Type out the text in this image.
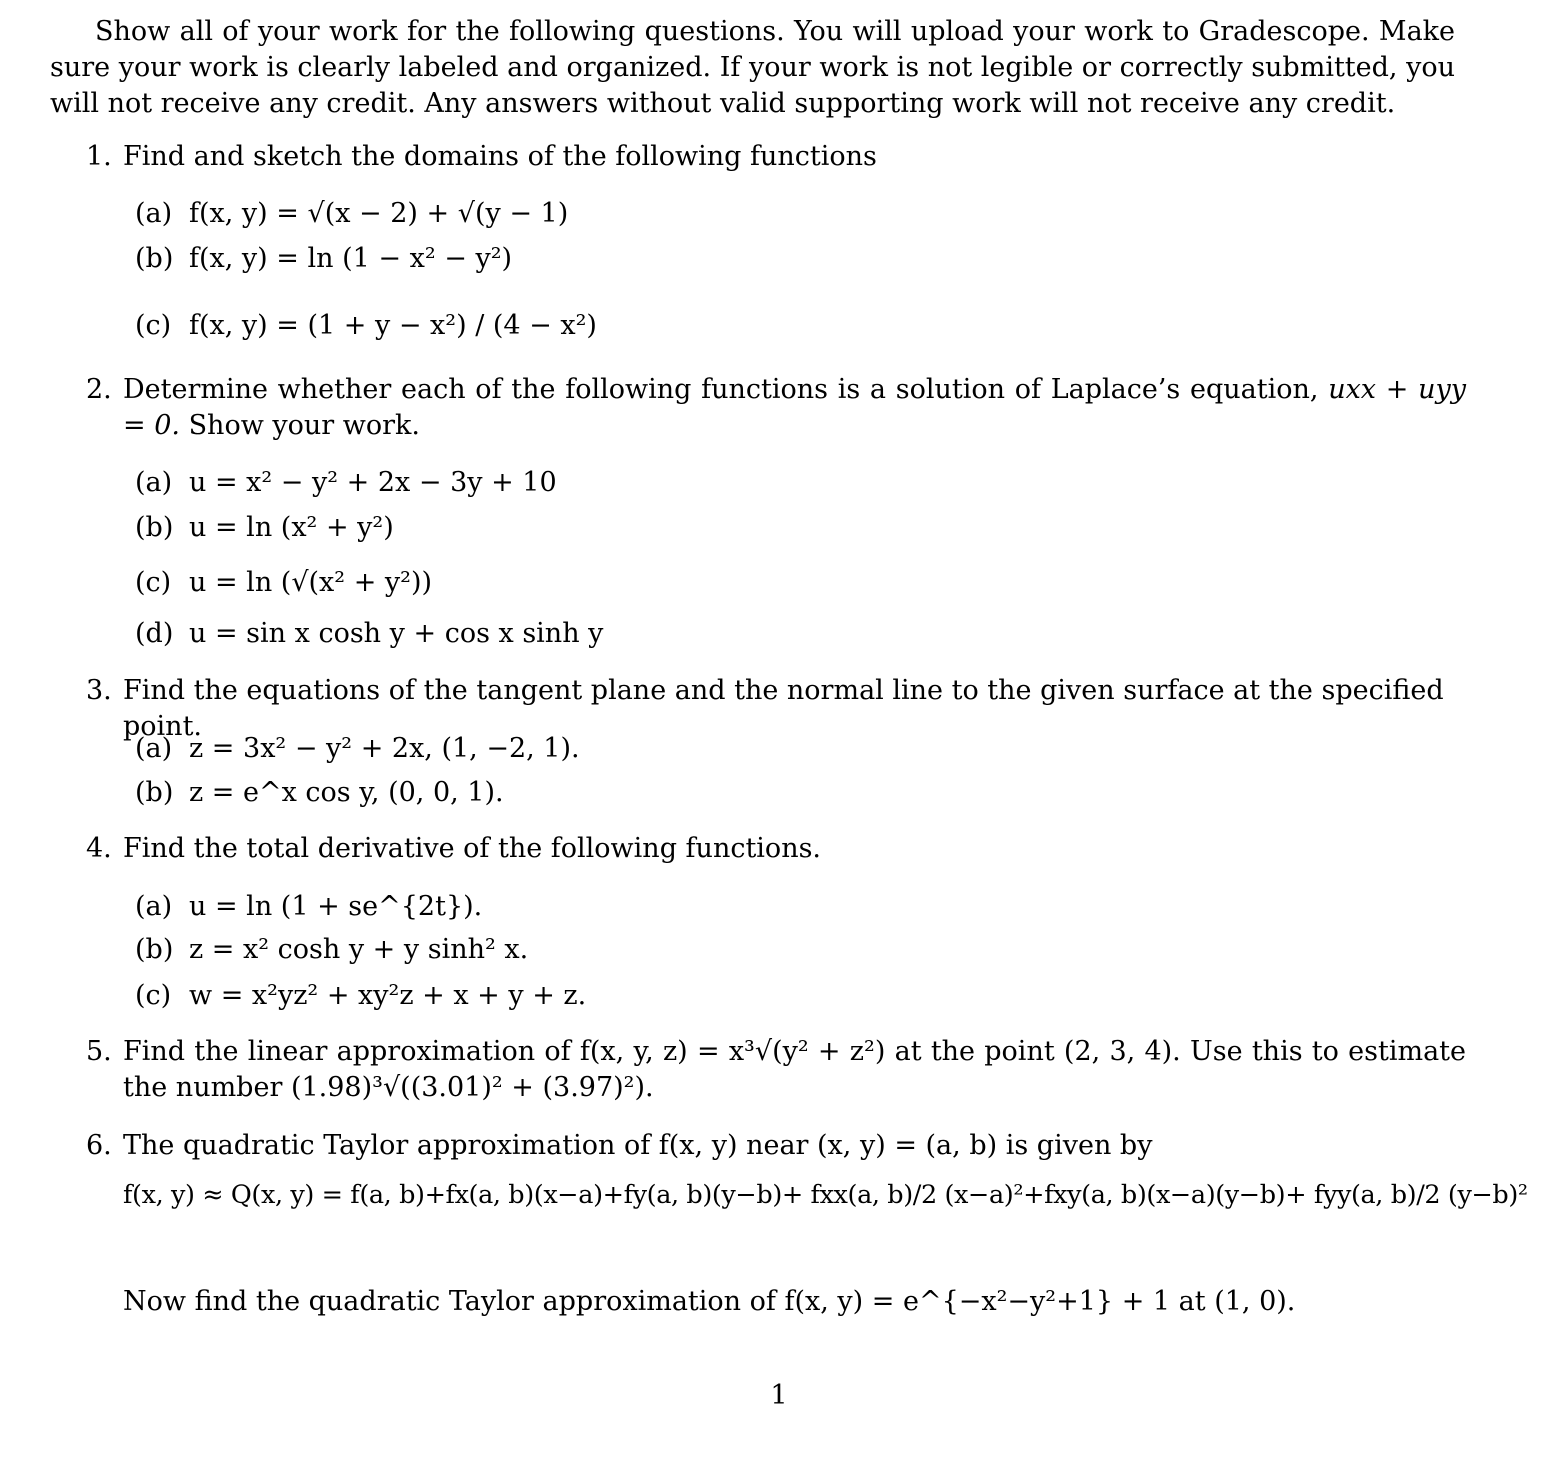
Show all of your work for the following questions. You will upload your work to Gradescope. Make sure your work is clearly labeled and organized. If your work is not legible or correctly submitted, you will not receive any credit. Any answers without valid supporting work will not receive any credit.
1. Find and sketch the domains of the following functions
(a) f(x, y) = √(x − 2) + √(y − 1)
(b) f(x, y) = ln (1 − x² − y²)
(c) f(x, y) = (1 + y − x²) / (4 − x²)
2. Determine whether each of the following functions is a solution of Laplace’s equation, uxx + uyy = 0. Show your work.
(a) u = x² − y² + 2x − 3y + 10
(b) u = ln (x² + y²)
(c) u = ln (√(x² + y²))
(d) u = sin x cosh y + cos x sinh y
3. Find the equations of the tangent plane and the normal line to the given surface at the specified point.
(a) z = 3x² − y² + 2x, (1, −2, 1).
(b) z = e^x cos y, (0, 0, 1).
4. Find the total derivative of the following functions.
(a) u = ln (1 + se^{2t}).
(b) z = x² cosh y + y sinh² x.
(c) w = x²yz² + xy²z + x + y + z.
5. Find the linear approximation of f(x, y, z) = x³√(y² + z²) at the point (2, 3, 4). Use this to estimate the number (1.98)³√((3.01)² + (3.97)²).
6. The quadratic Taylor approximation of f(x, y) near (x, y) = (a, b) is given by
f(x, y) ≈ Q(x, y) = f(a, b)+fx(a, b)(x−a)+fy(a, b)(y−b)+ fxx(a, b)/2 (x−a)²+fxy(a, b)(x−a)(y−b)+ fyy(a, b)/2 (y−b)²
Now find the quadratic Taylor approximation of f(x, y) = e^{−x²−y²+1} + 1 at (1, 0).
1
